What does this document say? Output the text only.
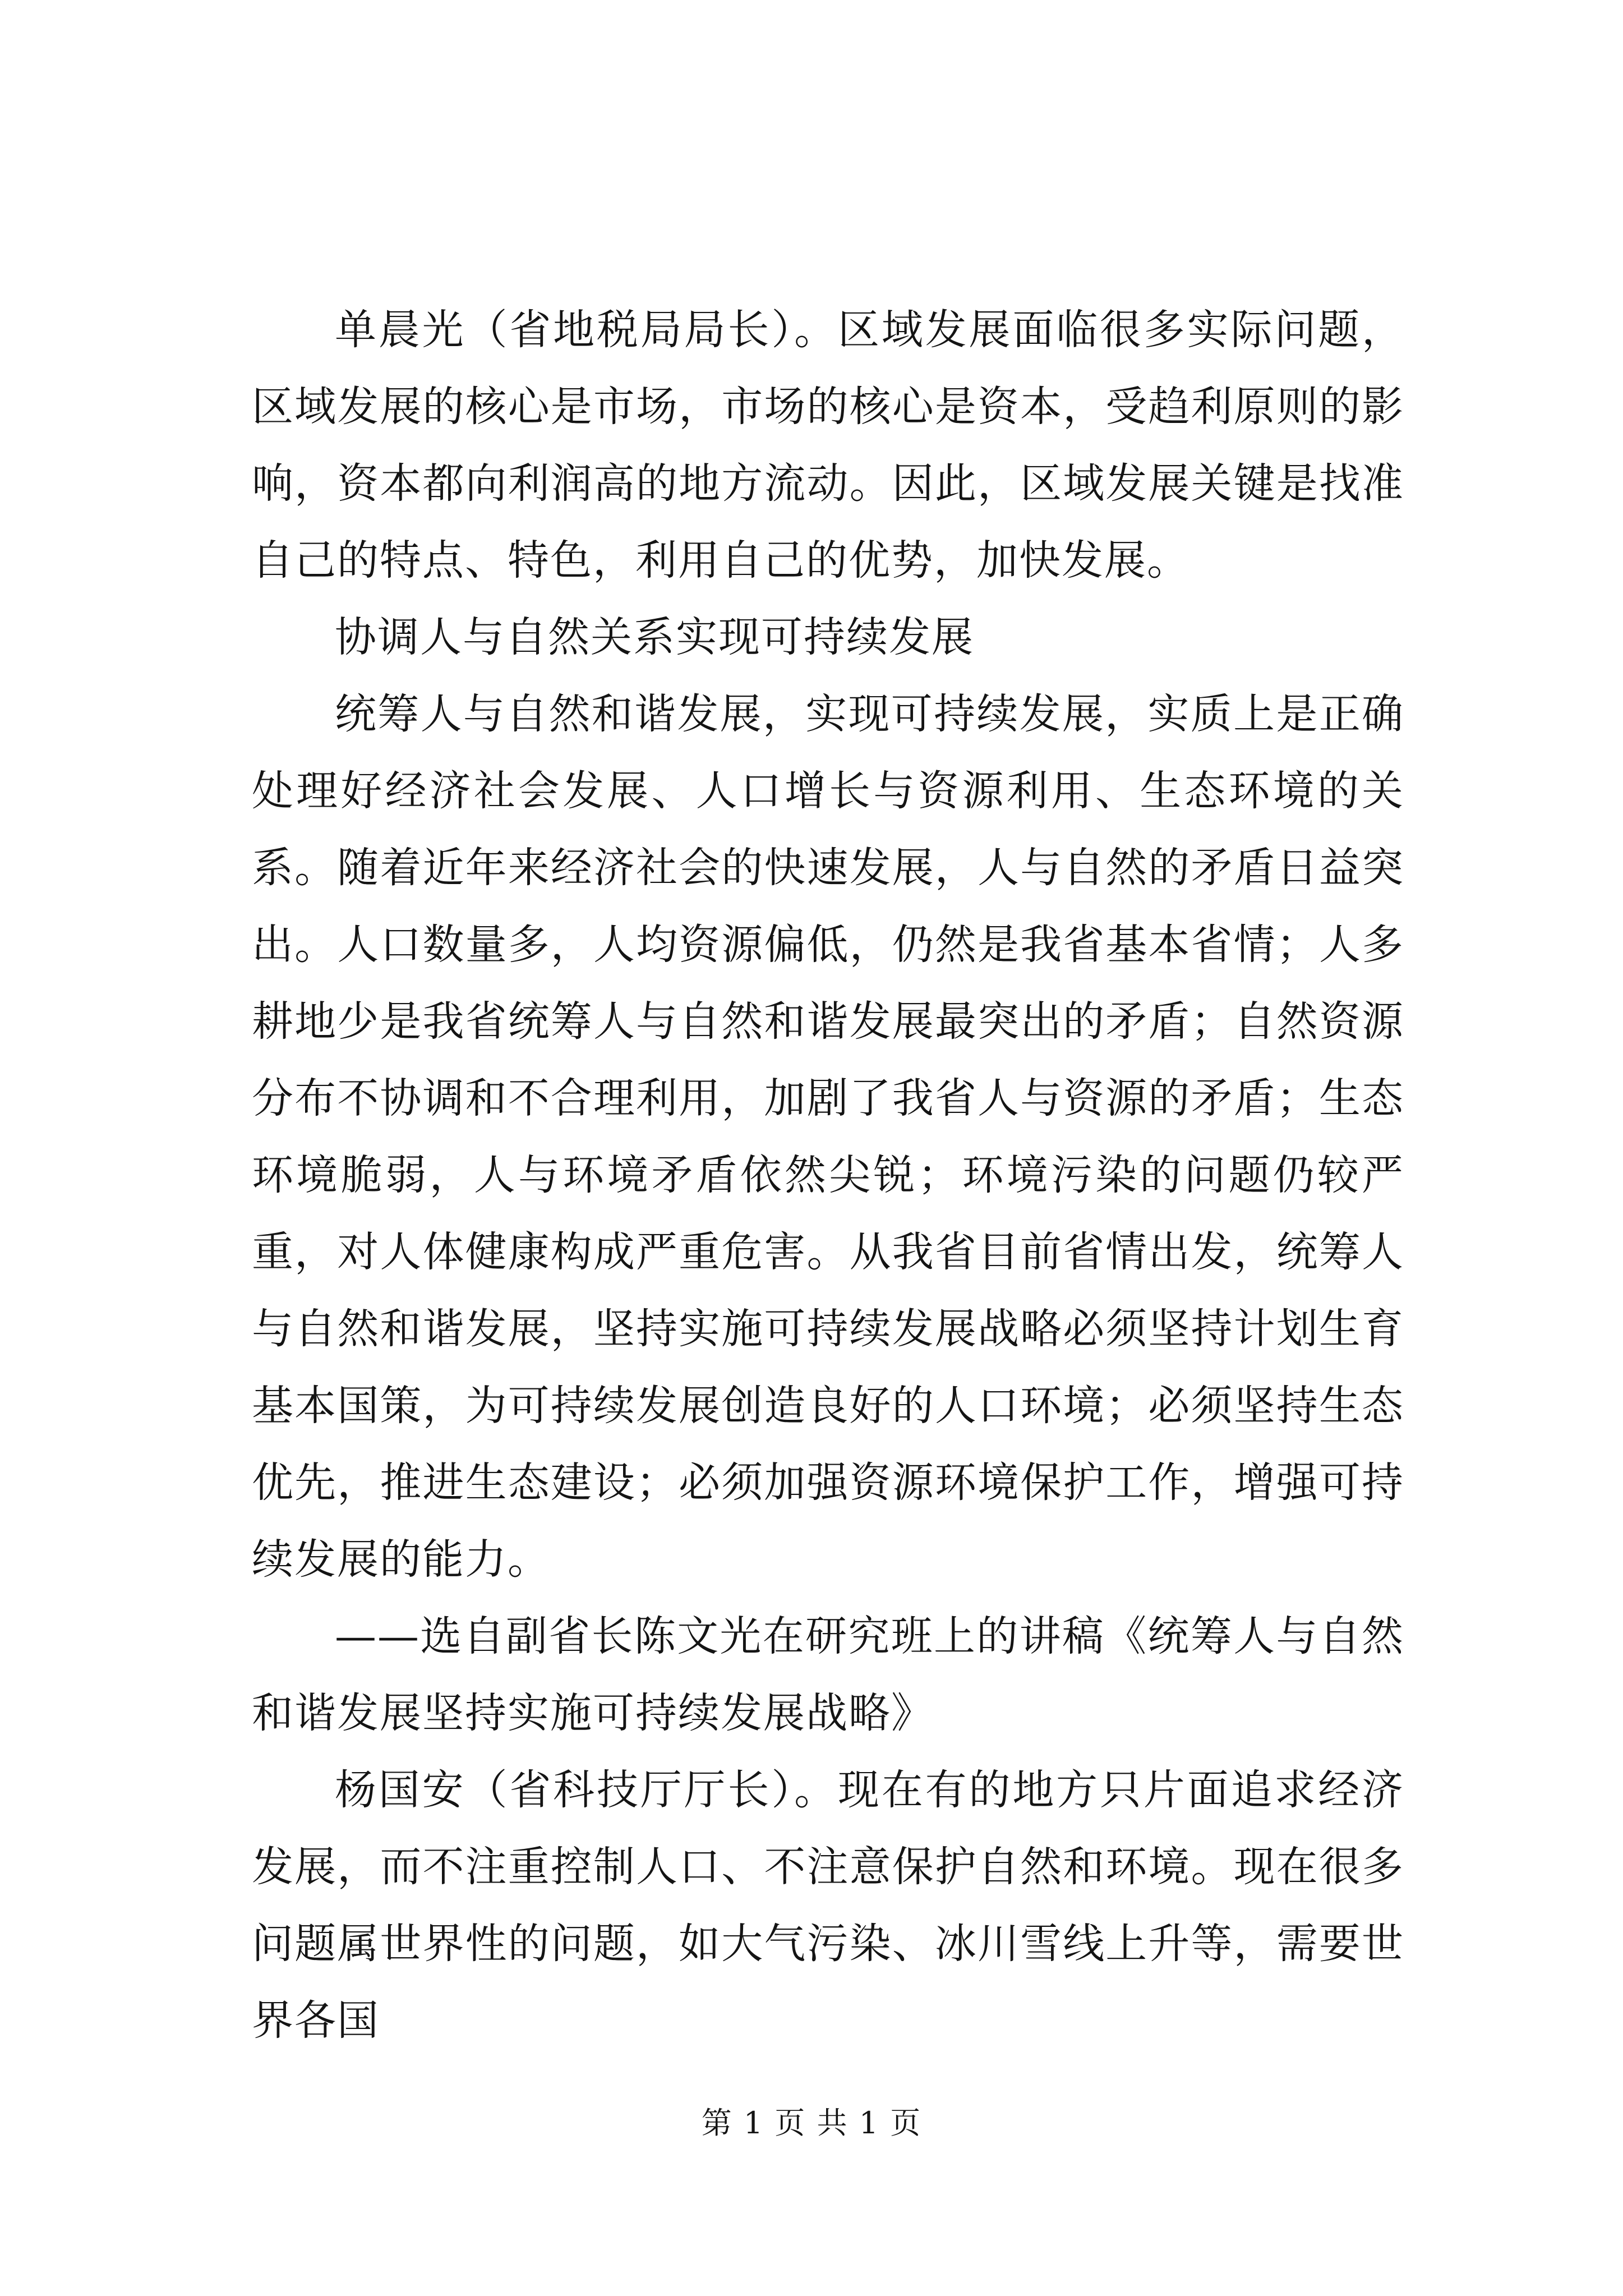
单晨光（省地税局局长）。区域发展面临很多实际问题，区域发展的核心是市场，市场的核心是资本，受趋利原则的影响，资本都向利润高的地方流动。因此，区域发展关键是找准自己的特点、特色，利用自己的优势，加快发展。

协调人与自然关系实现可持续发展

统筹人与自然和谐发展，实现可持续发展，实质上是正确处理好经济社会发展、人口增长与资源利用、生态环境的关系。随着近年来经济社会的快速发展，人与自然的矛盾日益突出。人口数量多，人均资源偏低，仍然是我省基本省情；人多耕地少是我省统筹人与自然和谐发展最突出的矛盾；自然资源分布不协调和不合理利用，加剧了我省人与资源的矛盾；生态环境脆弱，人与环境矛盾依然尖锐；环境污染的问题仍较严重，对人体健康构成严重危害。从我省目前省情出发，统筹人与自然和谐发展，坚持实施可持续发展战略必须坚持计划生育基本国策，为可持续发展创造良好的人口环境；必须坚持生态优先，推进生态建设；必须加强资源环境保护工作，增强可持续发展的能力。

——选自副省长陈文光在研究班上的讲稿《统筹人与自然和谐发展坚持实施可持续发展战略》

杨国安（省科技厅厅长）。现在有的地方只片面追求经济发展，而不注重控制人口、不注意保护自然和环境。现在很多问题属世界性的问题，如大气污染、冰川雪线上升等，需要世界各国

第 1 页 共 1 页
